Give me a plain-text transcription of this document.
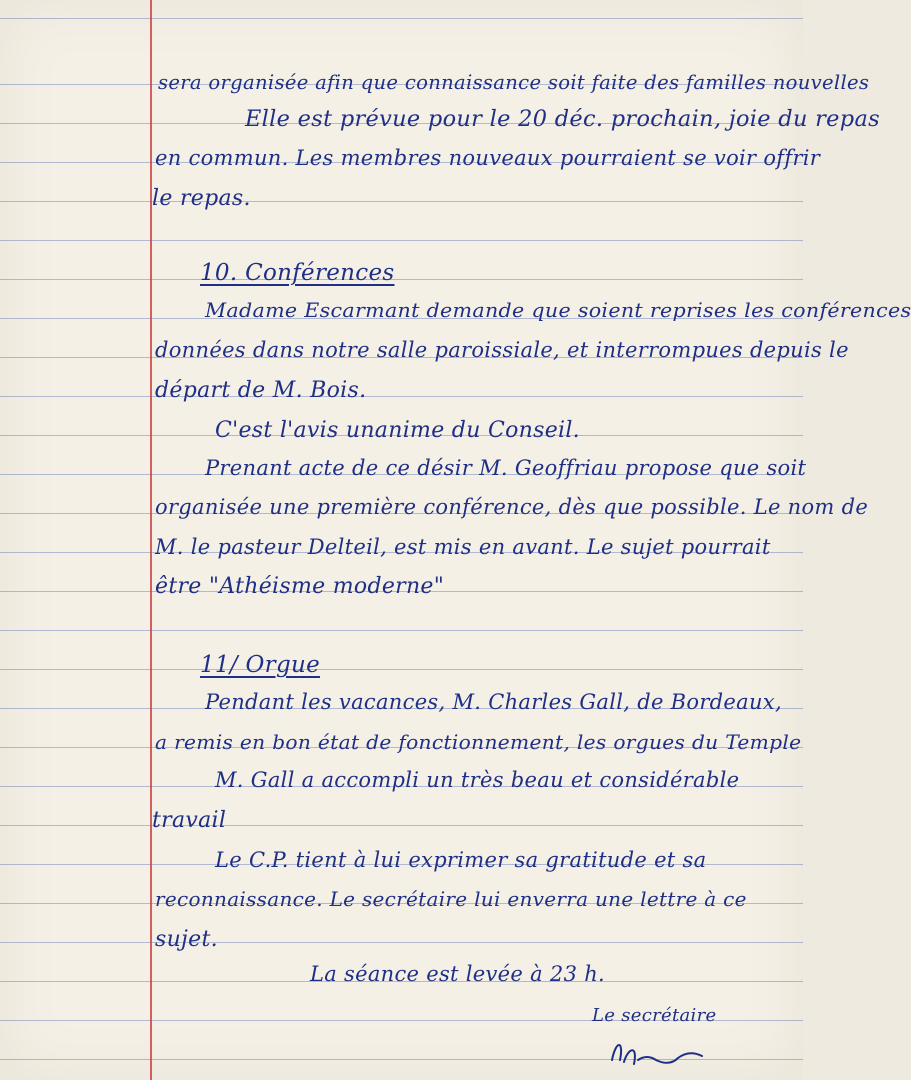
sera organisée afin que connaissance soit faite des familles nouvelles

Elle est prévue pour le 20 déc. prochain, joie du repas

en commun. Les membres nouveaux pourraient se voir offrir

le repas.

10. Conférences

Madame Escarmant demande que soient reprises les conférences

données dans notre salle paroissiale, et interrompues depuis le

départ de M. Bois.

C'est l'avis unanime du Conseil.

Prenant acte de ce désir M. Geoffriau propose que soit

organisée une première conférence, dès que possible. Le nom de

M. le pasteur Delteil, est mis en avant. Le sujet pourrait

être "Athéisme moderne"

11/ Orgue

Pendant les vacances, M. Charles Gall, de Bordeaux,

a remis en bon état de fonctionnement, les orgues du Temple

M. Gall a accompli un très beau et considérable

travail

Le C.P. tient à lui exprimer sa gratitude et sa

reconnaissance. Le secrétaire lui enverra une lettre à ce

sujet.

La séance est levée à 23 h.

Le secrétaire
